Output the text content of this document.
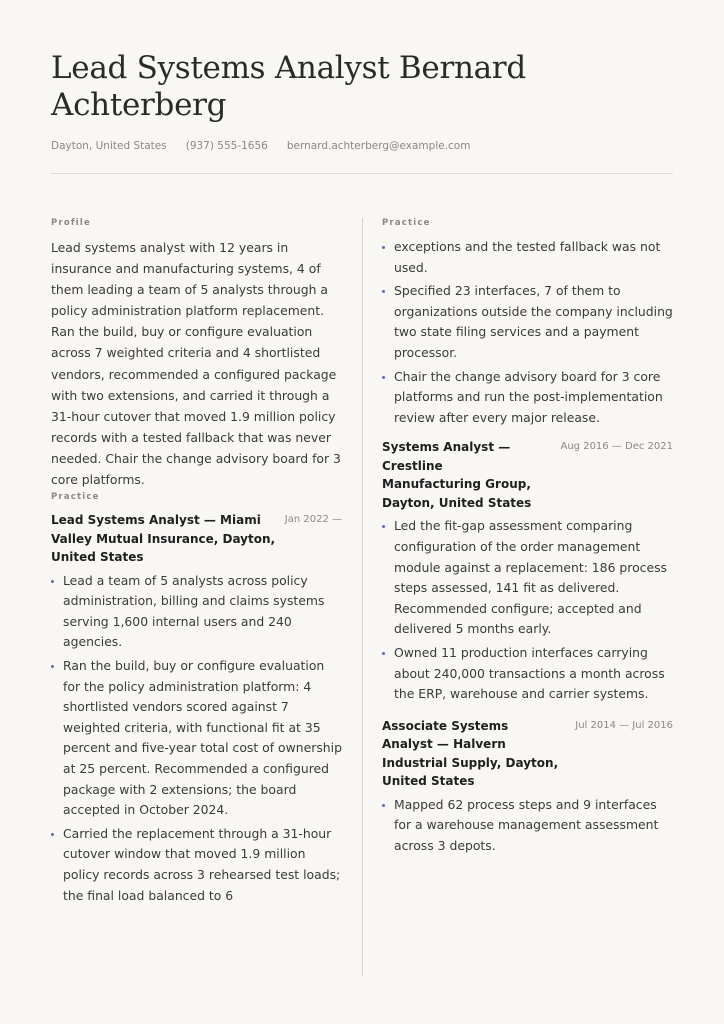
Lead Systems Analyst Bernard Achterberg
Dayton, United States (937) 555-1656 bernard.achterberg@example.com
Profile

Lead systems analyst with 12 years in insurance and manufacturing systems, 4 of them leading a team of 5 analysts through a policy administration platform replacement. Ran the build, buy or configure evaluation across 7 weighted criteria and 4 shortlisted vendors, recommended a configured package with two extensions, and carried it through a 31-hour cutover that moved 1.9 million policy records with a tested fallback that was never needed. Chair the change advisory board for 3 core platforms.

Practice

Lead Systems Analyst — Miami Valley Mutual Insurance, Dayton, United States

Jan 2022 —
Lead a team of 5 analysts across policy administration, billing and claims systems serving 1,600 internal users and 240 agencies.
Ran the build, buy or configure evaluation for the policy administration platform: 4 shortlisted vendors scored against 7 weighted criteria, with functional fit at 35 percent and five-year total cost of ownership at 25 percent. Recommended a configured package with 2 extensions; the board accepted in October 2024.
Carried the replacement through a 31-hour cutover window that moved 1.9 million policy records across 3 rehearsed test loads; the final load balanced to 6
Practice
exceptions and the tested fallback was not used.
Specified 23 interfaces, 7 of them to organizations outside the company including two state filing services and a payment processor.
Chair the change advisory board for 3 core platforms and run the post-implementation review after every major release.

Systems Analyst — Crestline Manufacturing Group, Dayton, United States

Aug 2016 — Dec 2021
Led the fit-gap assessment comparing configuration of the order management module against a replacement: 186 process steps assessed, 141 fit as delivered. Recommended configure; accepted and delivered 5 months early.
Owned 11 production interfaces carrying about 240,000 transactions a month across the ERP, warehouse and carrier systems.

Associate Systems Analyst — Halvern Industrial Supply, Dayton, United States

Jul 2014 — Jul 2016
Mapped 62 process steps and 9 interfaces for a warehouse management assessment across 3 depots.
